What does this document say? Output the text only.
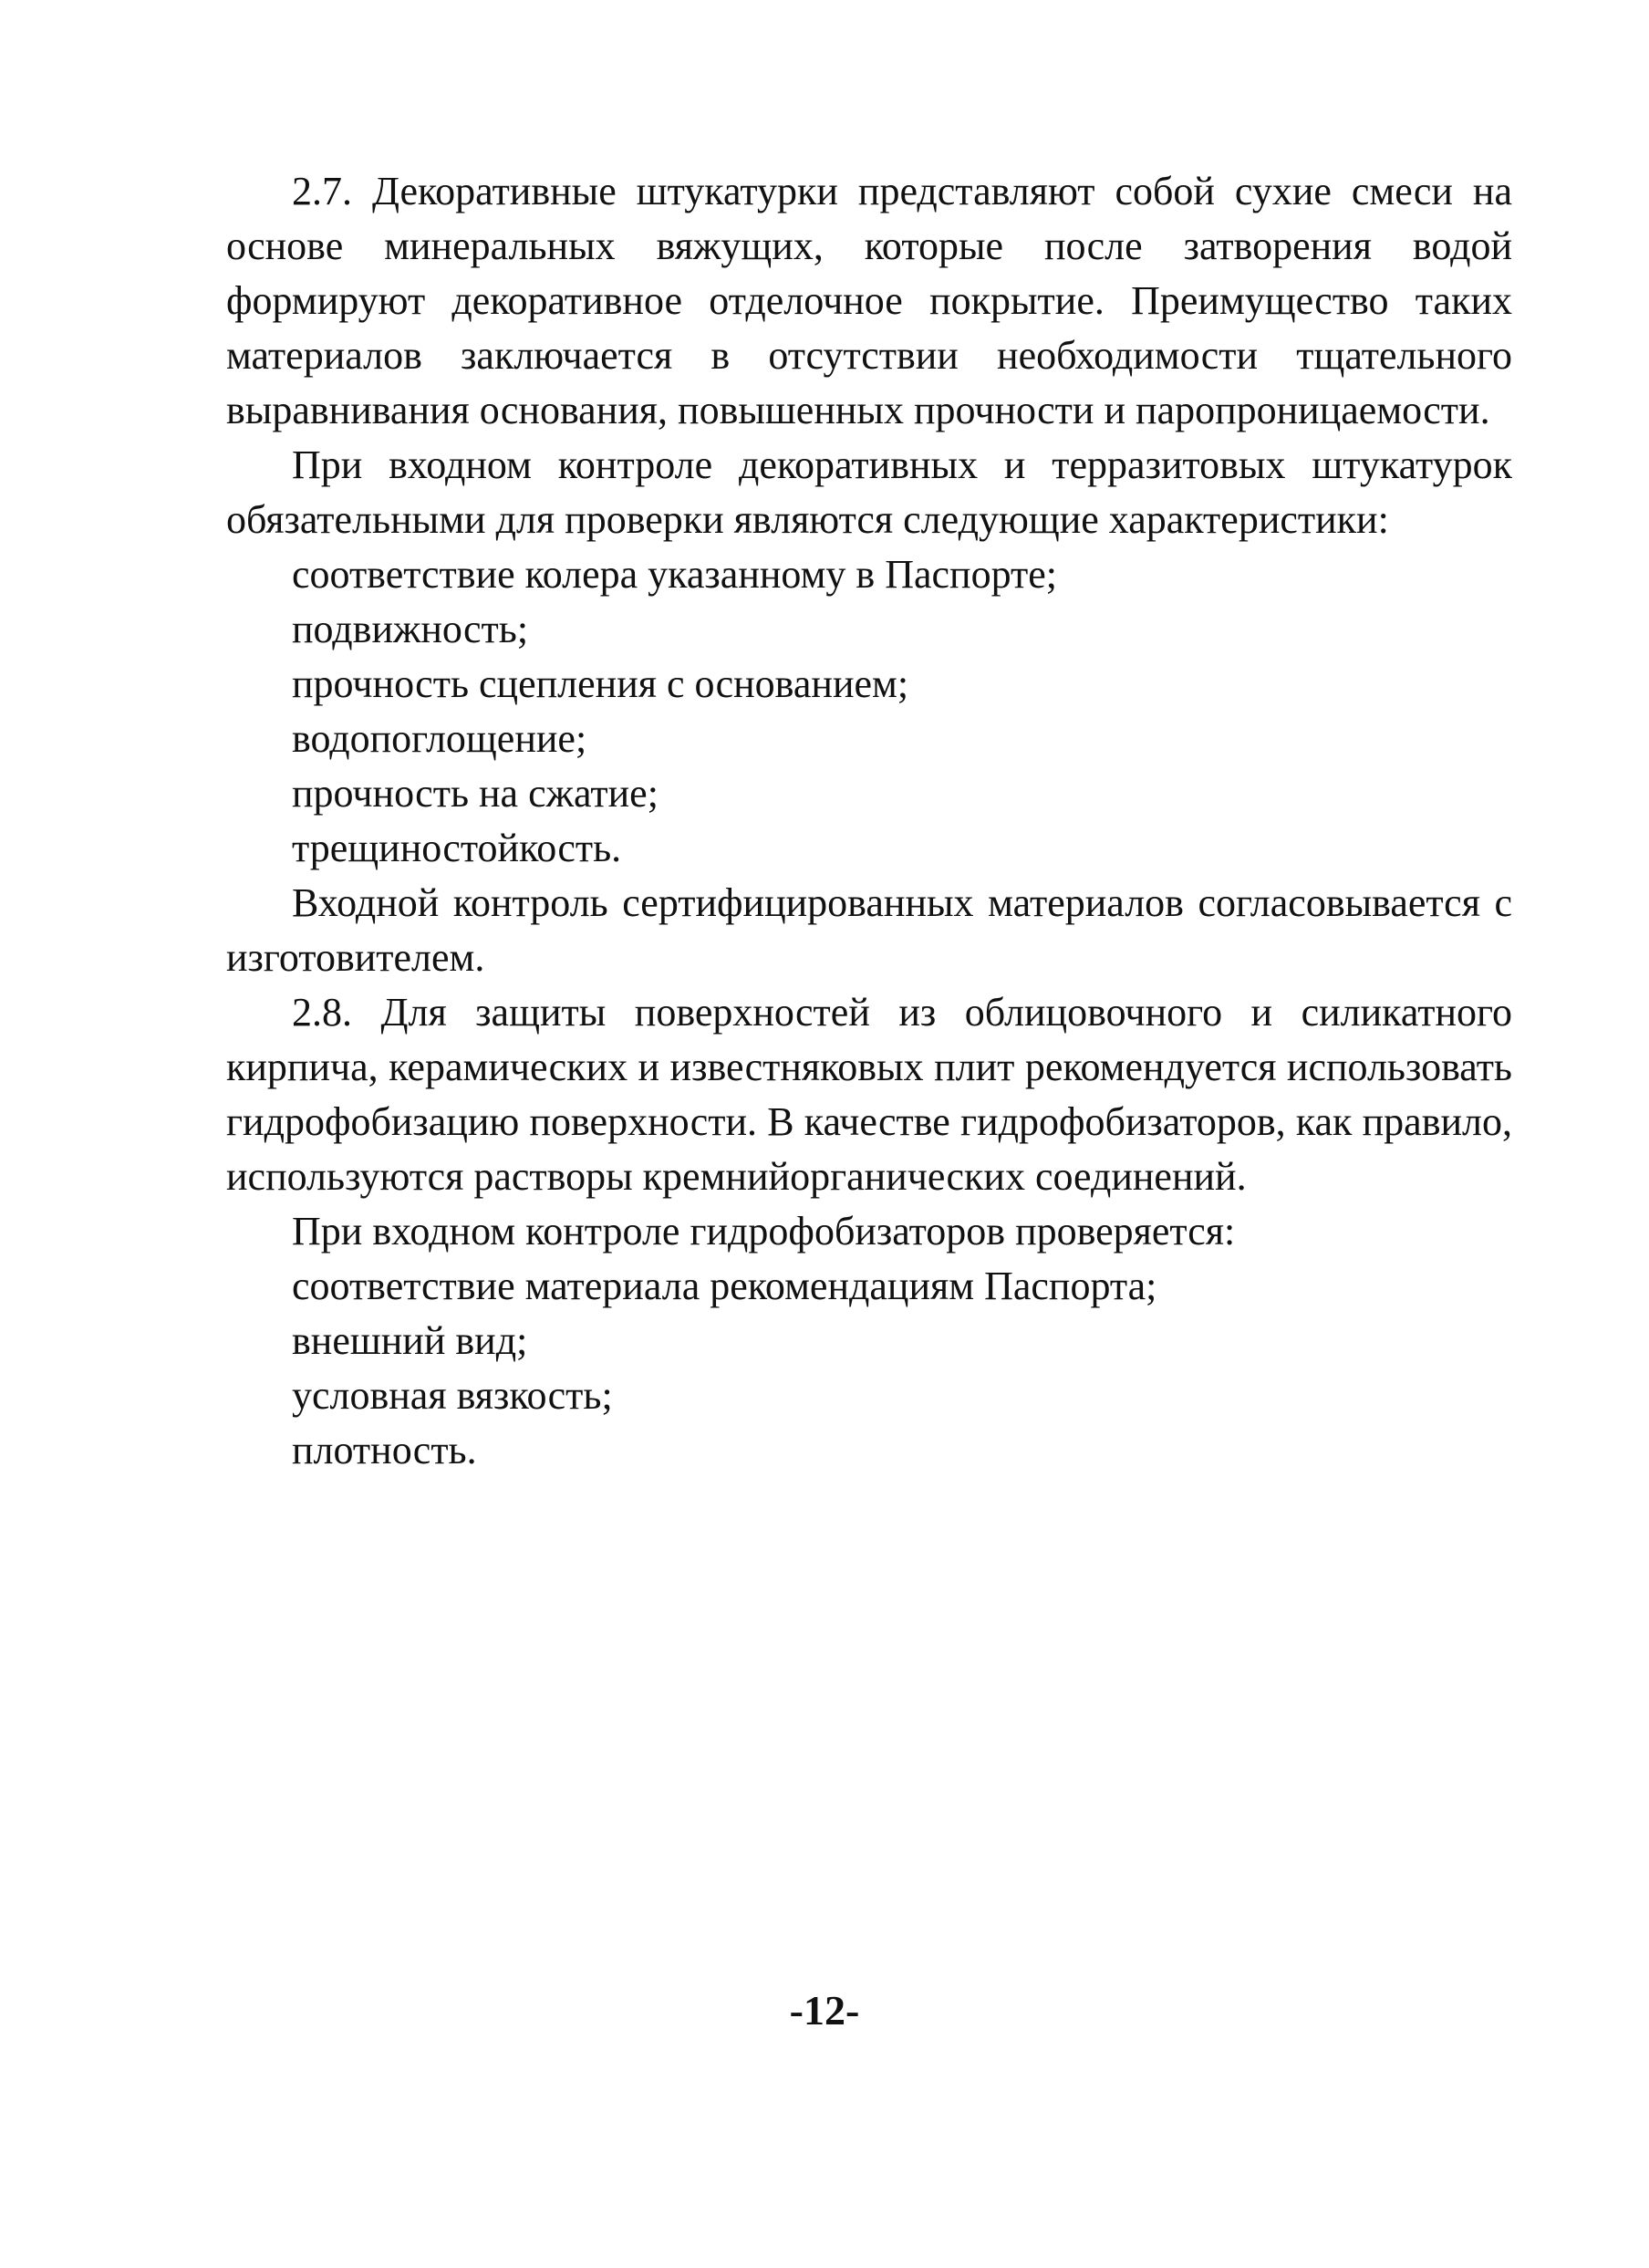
2.7. Декоративные штукатурки представляют собой сухие смеси на основе минеральных вяжущих, которые после затворения водой формируют декоративное отделочное покрытие. Преимущество таких материалов заключается в отсутствии необходимости тщательного выравнивания основания, повышенных прочности и паропроницаемости.

При входном контроле декоративных и терразитовых штукатурок обязательными для проверки являются следующие характеристики:

соответствие колера указанному в Паспорте;

подвижность;

прочность сцепления с основанием;

водопоглощение;

прочность на сжатие;

трещиностойкость.

Входной контроль сертифицированных материалов согласовывается с изготовителем.

2.8. Для защиты поверхностей из облицовочного и силикатного кирпича, керамических и известняковых плит рекомендуется использовать гидрофобизацию поверхности. В качестве гидрофобизаторов, как правило, используются растворы кремнийорганических соединений.

При входном контроле гидрофобизаторов проверяется:

соответствие материала рекомендациям Паспорта;

внешний вид;

условная вязкость;

плотность.

-12-
